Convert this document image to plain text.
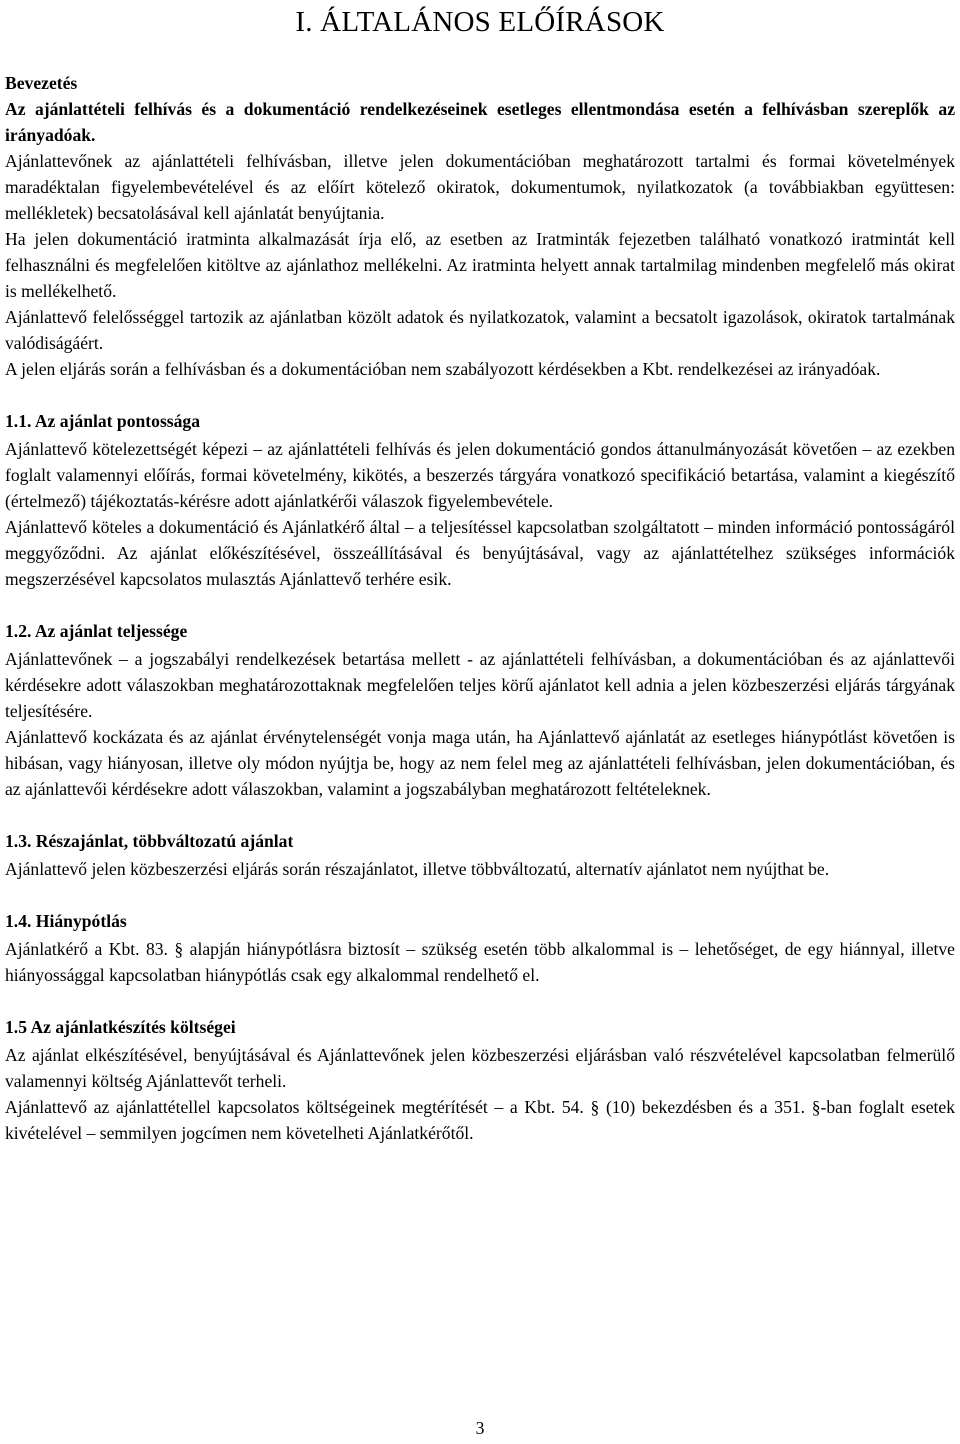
I. ÁLTALÁNOS ELŐÍRÁSOK
Bevezetés

Az ajánlattételi felhívás és a dokumentáció rendelkezéseinek esetleges ellentmondása esetén a felhívásban szereplők az irányadóak.

Ajánlattevőnek az ajánlattételi felhívásban, illetve jelen dokumentációban meghatározott tartalmi és formai követelmények maradéktalan figyelembevételével és az előírt kötelező okiratok, dokumentumok, nyilatkozatok (a továbbiakban együttesen: mellékletek) becsatolásával kell ajánlatát benyújtania.

Ha jelen dokumentáció iratminta alkalmazását írja elő, az esetben az Iratminták fejezetben található vonatkozó iratmintát kell felhasználni és megfelelően kitöltve az ajánlathoz mellékelni. Az iratminta helyett annak tartalmilag mindenben megfelelő más okirat is mellékelhető.

Ajánlattevő felelősséggel tartozik az ajánlatban közölt adatok és nyilatkozatok, valamint a becsatolt igazolások, okiratok tartalmának valódiságáért.

A jelen eljárás során a felhívásban és a dokumentációban nem szabályozott kérdésekben a Kbt. rendelkezései az irányadóak.

1.1. Az ajánlat pontossága

Ajánlattevő kötelezettségét képezi – az ajánlattételi felhívás és jelen dokumentáció gondos áttanulmányozását követően – az ezekben foglalt valamennyi előírás, formai követelmény, kikötés, a beszerzés tárgyára vonatkozó specifikáció betartása, valamint a kiegészítő (értelmező) tájékoztatás-kérésre adott ajánlatkérői válaszok figyelembevétele.

Ajánlattevő köteles a dokumentáció és Ajánlatkérő által – a teljesítéssel kapcsolatban szolgáltatott – minden információ pontosságáról meggyőződni. Az ajánlat előkészítésével, összeállításával és benyújtásával, vagy az ajánlattételhez szükséges információk megszerzésével kapcsolatos mulasztás Ajánlattevő terhére esik.

1.2. Az ajánlat teljessége

Ajánlattevőnek – a jogszabályi rendelkezések betartása mellett - az ajánlattételi felhívásban, a dokumentációban és az ajánlattevői kérdésekre adott válaszokban meghatározottaknak megfelelően teljes körű ajánlatot kell adnia a jelen közbeszerzési eljárás tárgyának teljesítésére.

Ajánlattevő kockázata és az ajánlat érvénytelenségét vonja maga után, ha Ajánlattevő ajánlatát az esetleges hiánypótlást követően is hibásan, vagy hiányosan, illetve oly módon nyújtja be, hogy az nem felel meg az ajánlattételi felhívásban, jelen dokumentációban, és az ajánlattevői kérdésekre adott válaszokban, valamint a jogszabályban meghatározott feltételeknek.

1.3. Részajánlat, többváltozatú ajánlat

Ajánlattevő jelen közbeszerzési eljárás során részajánlatot, illetve többváltozatú, alternatív ajánlatot nem nyújthat be.

1.4. Hiánypótlás

Ajánlatkérő a Kbt. 83. § alapján hiánypótlásra biztosít – szükség esetén több alkalommal is – lehetőséget, de egy hiánnyal, illetve hiányossággal kapcsolatban hiánypótlás csak egy alkalommal rendelhető el.

1.5 Az ajánlatkészítés költségei

Az ajánlat elkészítésével, benyújtásával és Ajánlattevőnek jelen közbeszerzési eljárásban való részvételével kapcsolatban felmerülő valamennyi költség Ajánlattevőt terheli.

Ajánlattevő az ajánlattétellel kapcsolatos költségeinek megtérítését – a Kbt. 54. § (10) bekezdésben és a 351. §-ban foglalt esetek kivételével – semmilyen jogcímen nem követelheti Ajánlatkérőtől.

3
